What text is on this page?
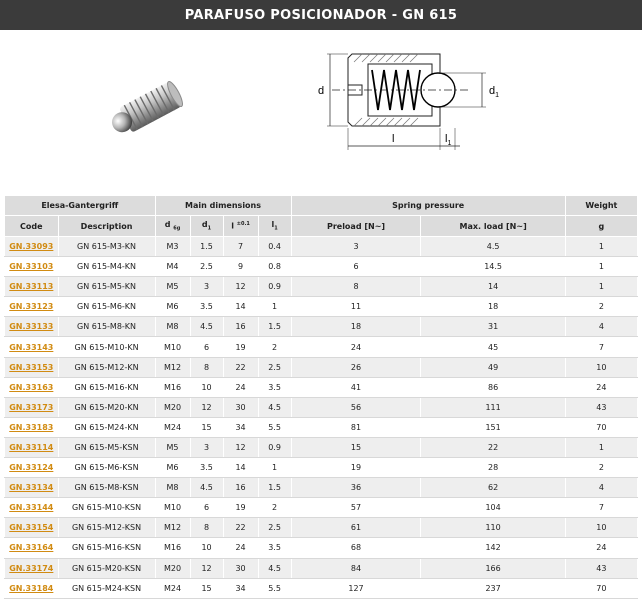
PARAFUSO POSICIONADOR - GN 615
d	$d_1$
l	$l_1$
Elesa-Gantergriff		Main dimensions				Spring pressure		Weight
Code	Description	d $_{6g}$	$d_1$	l $^{\pm 0.1}$	$l_1$	Preload [N~]	Max. load [N~]	g
GN.33093	GN 615-M3-KN	M3	1.5	7	0.4	3	4.5	1
GN.33103	GN 615-M4-KN	M4	2.5	9	0.8	6	14.5	1
GN.33113	GN 615-M5-KN	M5	3	12	0.9	8	14	1
GN.33123	GN 615-M6-KN	M6	3.5	14	1	11	18	2
GN.33133	GN 615-M8-KN	M8	4.5	16	1.5	18	31	4
GN.33143	GN 615-M10-KN	M10	6	19	2	24	45	7
GN.33153	GN 615-M12-KN	M12	8	22	2.5	26	49	10
GN.33163	GN 615-M16-KN	M16	10	24	3.5	41	86	24
GN.33173	GN 615-M20-KN	M20	12	30	4.5	56	111	43
GN.33183	GN 615-M24-KN	M24	15	34	5.5	81	151	70
GN.33114	GN 615-M5-KSN	M5	3	12	0.9	15	22	1
GN.33124	GN 615-M6-KSN	M6	3.5	14	1	19	28	2
GN.33134	GN 615-M8-KSN	M8	4.5	16	1.5	36	62	4
GN.33144	GN 615-M10-KSN	M10	6	19	2	57	104	7
GN.33154	GN 615-M12-KSN	M12	8	22	2.5	61	110	10
GN.33164	GN 615-M16-KSN	M16	10	24	3.5	68	142	24
GN.33174	GN 615-M20-KSN	M20	12	30	4.5	84	166	43
GN.33184	GN 615-M24-KSN	M24	15	34	5.5	127	237	70
